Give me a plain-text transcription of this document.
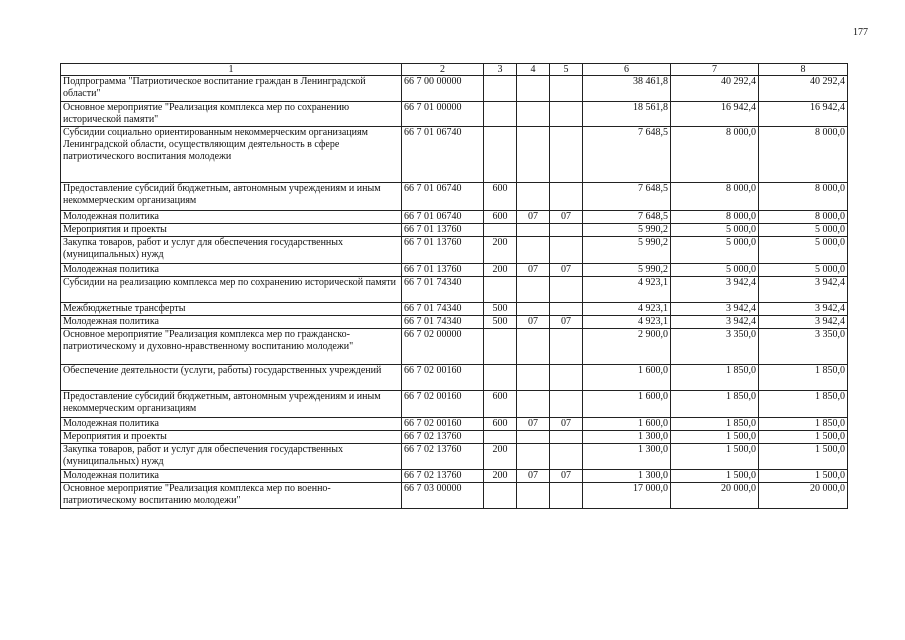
177
1	2	3	4	5	6	7	8
Подпрограмма "Патриотическое воспитание граждан в Ленинградской области"	66 7 00 00000				38 461,8	40 292,4	40 292,4
Основное мероприятие "Реализация комплекса мер по сохранению исторической памяти"	66 7 01 00000				18 561,8	16 942,4	16 942,4
Субсидии социально ориентированным некоммерческим организациям Ленинградской области, осуществляющим деятельность в сфере патриотического воспитания молодежи	66 7 01 06740				7 648,5	8 000,0	8 000,0
Предоставление субсидий бюджетным, автономным учреждениям и иным некоммерческим организациям	66 7 01 06740	600			7 648,5	8 000,0	8 000,0
Молодежная политика	66 7 01 06740	600	07	07	7 648,5	8 000,0	8 000,0
Мероприятия и проекты	66 7 01 13760				5 990,2	5 000,0	5 000,0
Закупка товаров, работ и услуг для обеспечения государственных (муниципальных) нужд	66 7 01 13760	200			5 990,2	5 000,0	5 000,0
Молодежная политика	66 7 01 13760	200	07	07	5 990,2	5 000,0	5 000,0
Субсидии на реализацию комплекса мер по сохранению исторической памяти	66 7 01 74340				4 923,1	3 942,4	3 942,4
Межбюджетные трансферты	66 7 01 74340	500			4 923,1	3 942,4	3 942,4
Молодежная политика	66 7 01 74340	500	07	07	4 923,1	3 942,4	3 942,4
Основное мероприятие "Реализация комплекса мер по гражданско-патриотическому и духовно-нравственному воспитанию молодежи"	66 7 02 00000				2 900,0	3 350,0	3 350,0
Обеспечение деятельности (услуги, работы) государственных учреждений	66 7 02 00160				1 600,0	1 850,0	1 850,0
Предоставление субсидий бюджетным, автономным учреждениям и иным некоммерческим организациям	66 7 02 00160	600			1 600,0	1 850,0	1 850,0
Молодежная политика	66 7 02 00160	600	07	07	1 600,0	1 850,0	1 850,0
Мероприятия и проекты	66 7 02 13760				1 300,0	1 500,0	1 500,0
Закупка товаров, работ и услуг для обеспечения государственных (муниципальных) нужд	66 7 02 13760	200			1 300,0	1 500,0	1 500,0
Молодежная политика	66 7 02 13760	200	07	07	1 300,0	1 500,0	1 500,0
Основное мероприятие "Реализация комплекса мер по военно-патриотическому воспитанию молодежи"	66 7 03 00000				17 000,0	20 000,0	20 000,0
